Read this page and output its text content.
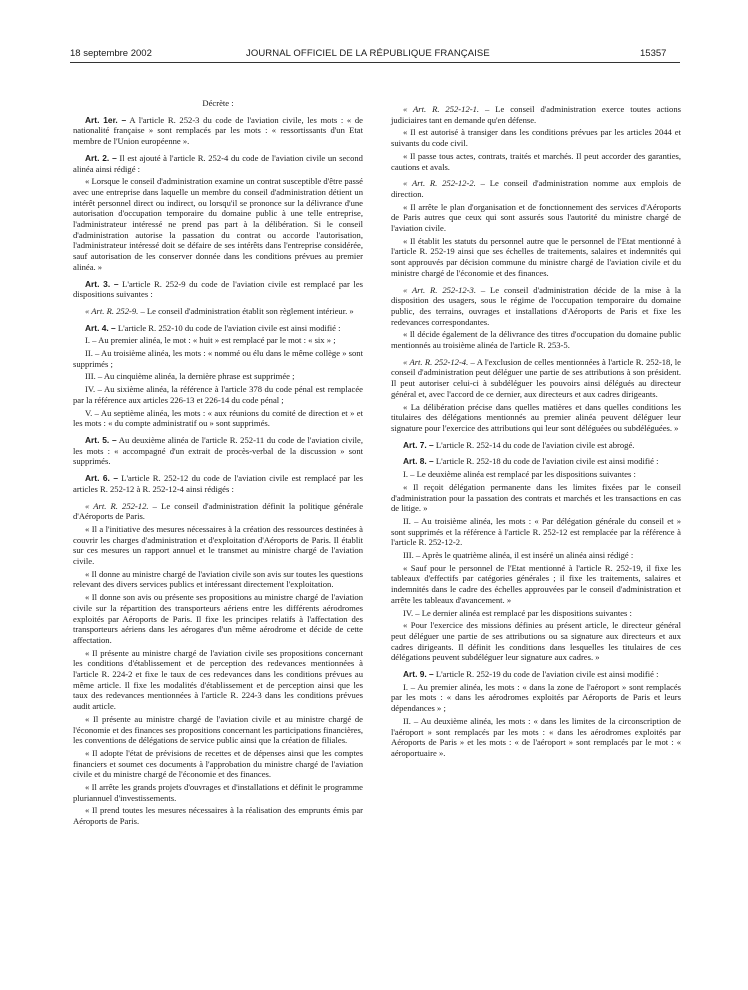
18 septembre 2002	JOURNAL OFFICIEL DE LA RÉPUBLIQUE FRANÇAISE	15357

Décrète :

Art. 1er. – A l'article R. 252-3 du code de l'aviation civile, les mots : « de nationalité française » sont remplacés par les mots : « ressortissants d'un Etat membre de l'Union européenne ».

Art. 2. – Il est ajouté à l'article R. 252-4 du code de l'aviation civile un second alinéa ainsi rédigé :

« Lorsque le conseil d'administration examine un contrat susceptible d'être passé avec une entreprise dans laquelle un membre du conseil d'administration détient un intérêt personnel direct ou indirect, ou lorsqu'il se prononce sur la délivrance d'une autorisation d'occupation temporaire du domaine public à une telle entreprise, l'administrateur intéressé ne prend pas part à la délibération. Si le conseil d'administration autorise la passation du contrat ou accorde l'autorisation, l'administrateur intéressé doit se défaire de ses intérêts dans l'entreprise considérée, sauf autorisation de les conserver donnée dans les conditions prévues au premier alinéa. »

Art. 3. – L'article R. 252-9 du code de l'aviation civile est remplacé par les dispositions suivantes :

« Art. R. 252-9. – Le conseil d'administration établit son règlement intérieur. »

Art. 4. – L'article R. 252-10 du code de l'aviation civile est ainsi modifié :

I. – Au premier alinéa, le mot : « huit » est remplacé par le mot : « six » ;

II. – Au troisième alinéa, les mots : « nommé ou élu dans le même collège » sont supprimés ;

III. – Au cinquième alinéa, la dernière phrase est supprimée ;

IV. – Au sixième alinéa, la référence à l'article 378 du code pénal est remplacée par la référence aux articles 226-13 et 226-14 du code pénal ;

V. – Au septième alinéa, les mots : « aux réunions du comité de direction et » et les mots : « du compte administratif ou » sont supprimés.

Art. 5. – Au deuxième alinéa de l'article R. 252-11 du code de l'aviation civile, les mots : « accompagné d'un extrait de procès-verbal de la discussion » sont supprimés.

Art. 6. – L'article R. 252-12 du code de l'aviation civile est remplacé par les articles R. 252-12 à R. 252-12-4 ainsi rédigés :

« Art. R. 252-12. – Le conseil d'administration définit la politique générale d'Aéroports de Paris.

« Il a l'initiative des mesures nécessaires à la création des ressources destinées à couvrir les charges d'administration et d'exploitation d'Aéroports de Paris. Il établit sur ces mesures un rapport annuel et le transmet au ministre chargé de l'aviation civile.

« Il donne au ministre chargé de l'aviation civile son avis sur toutes les questions relevant des divers services publics et intéressant directement l'exploitation.

« Il donne son avis ou présente ses propositions au ministre chargé de l'aviation civile sur la répartition des transporteurs aériens entre les différents aérodromes exploités par Aéroports de Paris. Il fixe les principes relatifs à l'affectation des transporteurs aériens dans les aérogares d'un même aérodrome et décide de cette affectation.

« Il présente au ministre chargé de l'aviation civile ses propositions concernant les conditions d'établissement et de perception des redevances mentionnées à l'article R. 224-2 et fixe le taux de ces redevances dans les conditions prévues au même article. Il fixe les modalités d'établissement et de perception ainsi que les taux des redevances mentionnées à l'article R. 224-3 dans les conditions prévues audit article.

« Il présente au ministre chargé de l'aviation civile et au ministre chargé de l'économie et des finances ses propositions concernant les participations financières, les conventions de délégations de service public ainsi que la création de filiales.

« Il adopte l'état de prévisions de recettes et de dépenses ainsi que les comptes financiers et soumet ces documents à l'approbation du ministre chargé de l'aviation civile et du ministre chargé de l'économie et des finances.

« Il arrête les grands projets d'ouvrages et d'installations et définit le programme pluriannuel d'investissements.

« Il prend toutes les mesures nécessaires à la réalisation des emprunts émis par Aéroports de Paris.

« Art. R. 252-12-1. – Le conseil d'administration exerce toutes actions judiciaires tant en demande qu'en défense.

« Il est autorisé à transiger dans les conditions prévues par les articles 2044 et suivants du code civil.

« Il passe tous actes, contrats, traités et marchés. Il peut accorder des garanties, cautions et avals.

« Art. R. 252-12-2. – Le conseil d'administration nomme aux emplois de direction.

« Il arrête le plan d'organisation et de fonctionnement des services d'Aéroports de Paris autres que ceux qui sont assurés sous l'autorité du ministre chargé de l'aviation civile.

« Il établit les statuts du personnel autre que le personnel de l'Etat mentionné à l'article R. 252-19 ainsi que ses échelles de traitements, salaires et indemnités qui sont approuvés par décision commune du ministre chargé de l'aviation civile et du ministre chargé de l'économie et des finances.

« Art. R. 252-12-3. – Le conseil d'administration décide de la mise à la disposition des usagers, sous le régime de l'occupation temporaire du domaine public, des terrains, ouvrages et installations d'Aéroports de Paris et fixe les redevances correspondantes.

« Il décide également de la délivrance des titres d'occupation du domaine public mentionnés au troisième alinéa de l'article R. 253-5.

« Art. R. 252-12-4. – A l'exclusion de celles mentionnées à l'article R. 252-18, le conseil d'administration peut déléguer une partie de ses attributions à son président. Il peut autoriser celui-ci à subdéléguer les pouvoirs ainsi délégués au directeur général et, avec l'accord de ce dernier, aux directeurs et aux cadres dirigeants.

« La délibération précise dans quelles matières et dans quelles conditions les titulaires des délégations mentionnés au premier alinéa peuvent déléguer leur signature pour l'exercice des attributions qui leur sont déléguées ou subdéléguées. »

Art. 7. – L'article R. 252-14 du code de l'aviation civile est abrogé.

Art. 8. – L'article R. 252-18 du code de l'aviation civile est ainsi modifié :

I. – Le deuxième alinéa est remplacé par les dispositions suivantes :

« Il reçoit délégation permanente dans les limites fixées par le conseil d'administration pour la passation des contrats et marchés et les transactions en cas de litige. »

II. – Au troisième alinéa, les mots : « Par délégation générale du conseil et » sont supprimés et la référence à l'article R. 252-12 est remplacée par la référence à l'article R. 252-12-2.

III. – Après le quatrième alinéa, il est inséré un alinéa ainsi rédigé :

« Sauf pour le personnel de l'Etat mentionné à l'article R. 252-19, il fixe les tableaux d'effectifs par catégories générales ; il fixe les traitements, salaires et indemnités dans le cadre des échelles approuvées par le conseil d'administration et arrête les tableaux d'avancement. »

IV. – Le dernier alinéa est remplacé par les dispositions suivantes :

« Pour l'exercice des missions définies au présent article, le directeur général peut déléguer une partie de ses attributions ou sa signature aux directeurs et aux cadres dirigeants. Il définit les conditions dans lesquelles les titulaires de ces délégations peuvent subdéléguer leur signature aux cadres. »

Art. 9. – L'article R. 252-19 du code de l'aviation civile est ainsi modifié :

I. – Au premier alinéa, les mots : « dans la zone de l'aéroport » sont remplacés par les mots : « dans les aérodromes exploités par Aéroports de Paris et leurs dépendances » ;

II. – Au deuxième alinéa, les mots : « dans les limites de la circonscription de l'aéroport » sont remplacés par les mots : « dans les aérodromes exploités par Aéroports de Paris » et les mots : « de l'aéroport » sont remplacés par le mot : « aéroportuaire ».
